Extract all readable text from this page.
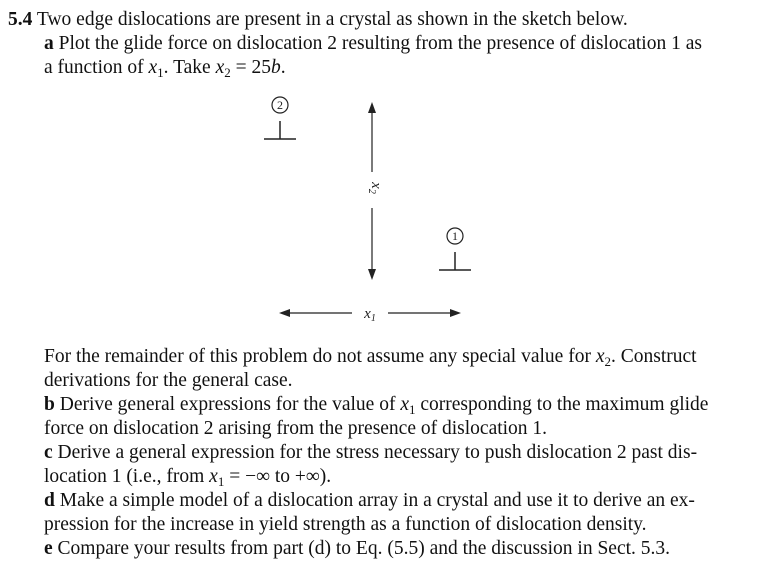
5.4 Two edge dislocations are present in a crystal as shown in the sketch below.
a Plot the glide force on dislocation 2 resulting from the presence of dislocation 1 as
a function of $x_1$. Take $x_2 = 25b$.
2
$x_2$
1
$x_1$
For the remainder of this problem do not assume any special value for $x_2$. Construct
derivations for the general case.
b Derive general expressions for the value of $x_1$ corresponding to the maximum glide
force on dislocation 2 arising from the presence of dislocation 1.
c Derive a general expression for the stress necessary to push dislocation 2 past dis-
location 1 (i.e., from $x_1$ = −∞ to +∞).
d Make a simple model of a dislocation array in a crystal and use it to derive an ex-
pression for the increase in yield strength as a function of dislocation density.
e Compare your results from part (d) to Eq. (5.5) and the discussion in Sect. 5.3.
